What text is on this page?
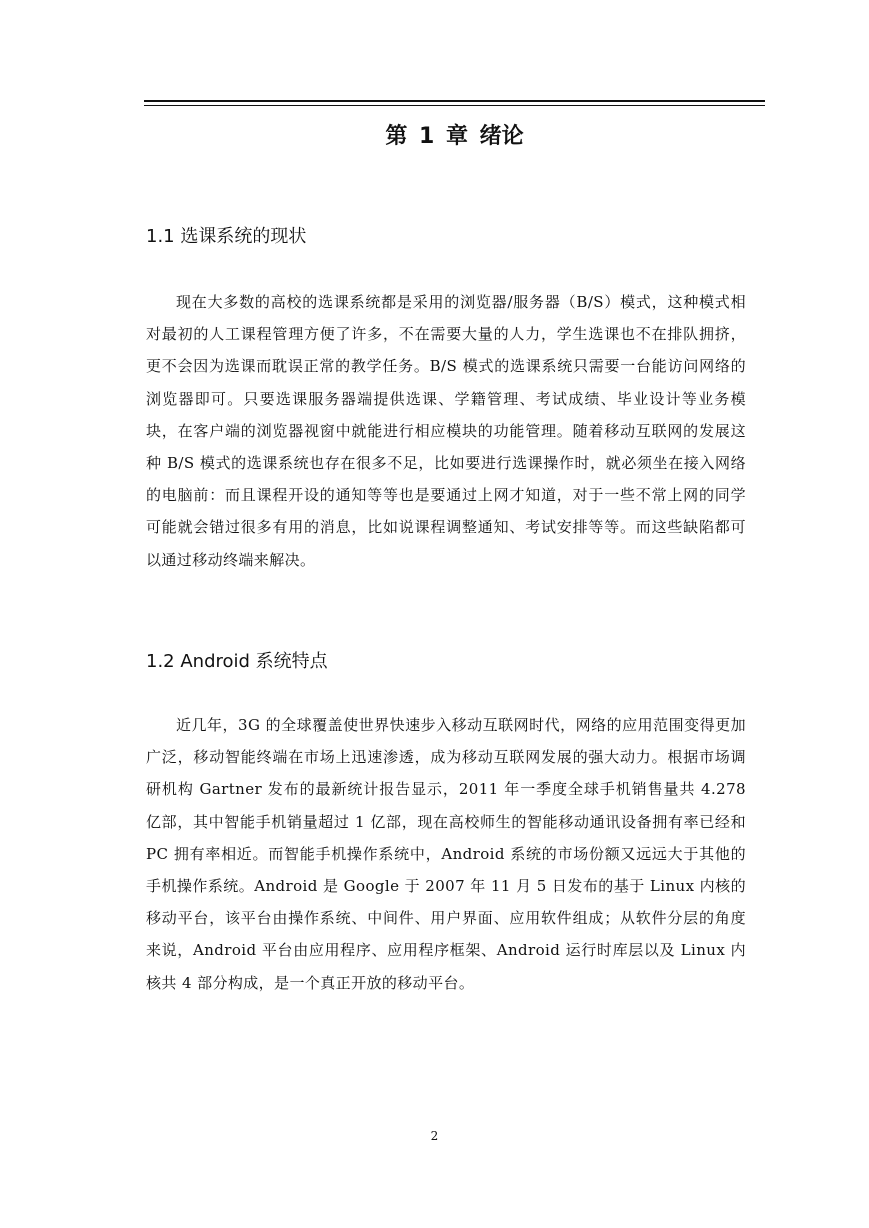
第 1 章 绪论
1.1 选课系统的现状
现在大多数的高校的选课系统都是采用的浏览器/服务器（B/S）模式，这种模式相对最初的人工课程管理方便了许多，不在需要大量的人力，学生选课也不在排队拥挤，更不会因为选课而耽误正常的教学任务。B/S 模式的选课系统只需要一台能访问网络的浏览器即可。只要选课服务器端提供选课、学籍管理、考试成绩、毕业设计等业务模块，在客户端的浏览器视窗中就能进行相应模块的功能管理。随着移动互联网的发展这种 B/S 模式的选课系统也存在很多不足，比如要进行选课操作时，就必须坐在接入网络的电脑前：而且课程开设的通知等等也是要通过上网才知道，对于一些不常上网的同学可能就会错过很多有用的消息，比如说课程调整通知、考试安排等等。而这些缺陷都可以通过移动终端来解决。
1.2 Android 系统特点
近几年，3G 的全球覆盖使世界快速步入移动互联网时代，网络的应用范围变得更加广泛，移动智能终端在市场上迅速渗透，成为移动互联网发展的强大动力。根据市场调研机构 Gartner 发布的最新统计报告显示，2011 年一季度全球手机销售量共 4.278 亿部，其中智能手机销量超过 1 亿部，现在高校师生的智能移动通讯设备拥有率已经和 PC 拥有率相近。而智能手机操作系统中，Android 系统的市场份额又远远大于其他的手机操作系统。Android 是 Google 于 2007 年 11 月 5 日发布的基于 Linux 内核的移动平台，该平台由操作系统、中间件、用户界面、应用软件组成；从软件分层的角度来说，Android 平台由应用程序、应用程序框架、Android 运行时库层以及 Linux 内核共 4 部分构成，是一个真正开放的移动平台。
2
